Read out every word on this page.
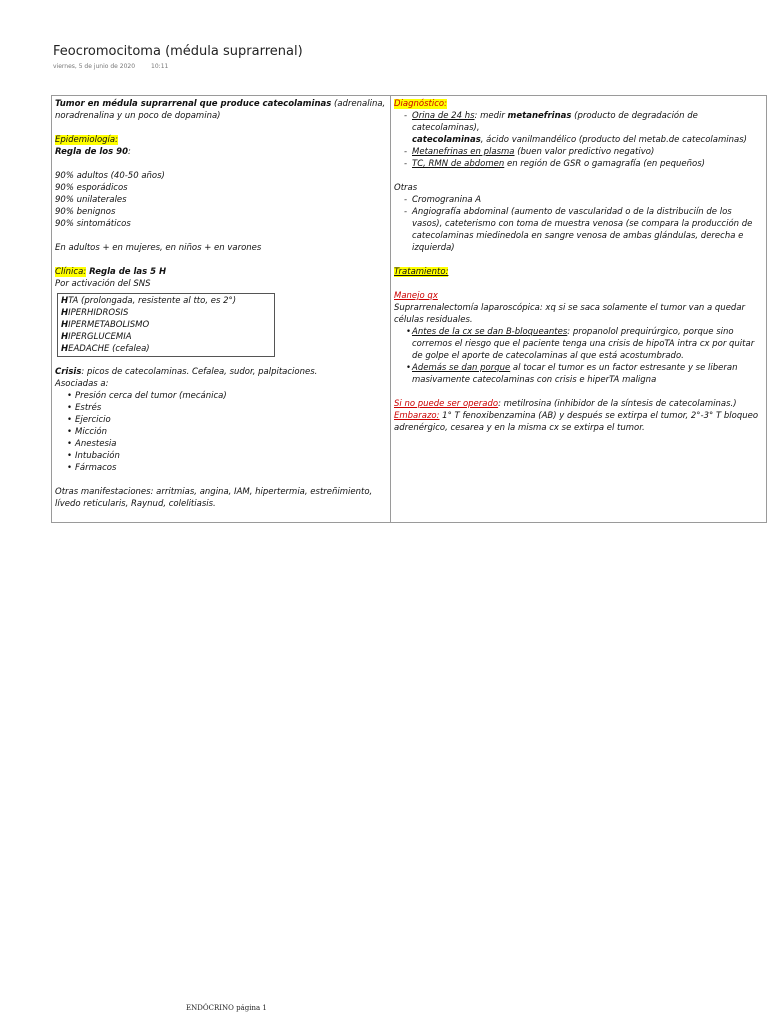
Feocromocitoma (médula suprarrenal)
viernes, 5 de junio de 2020	10:11

Tumor en médula suprarrenal que produce catecolaminas (adrenalina, noradrenalina y un poco de dopamina)

Epidemiología:

Regla de los 90:

90% adultos (40-50 años)

90% esporádicos

90% unilaterales

90% benignos

90% sintomáticos

En adultos + en mujeres, en niños + en varones

Clínica: Regla de las 5 H

Por activación del SNS

HTA (prolongada, resistente al tto, es 2°)

HIPERHIDROSIS

HIPERMETABOLISMO

HIPERGLUCEMIA

HEADACHE (cefalea)

Crisis: picos de catecolaminas. Cefalea, sudor, palpitaciones.

Asociadas a:

• Presión cerca del tumor (mecánica)
• Estrés
• Ejercicio
• Micción
• Anestesia
• Intubación
• Fármacos

Otras manifestaciones: arritmias, angina, IAM, hipertermia, estreñimiento, lívedo reticularis, Raynud, colelitiasis.

Diagnóstico:

- Orina de 24 hs: medir metanefrinas (producto de degradación de catecolaminas),
catecolaminas, ácido vanilmandélico (producto del metab.de catecolaminas)
- Metanefrinas en plasma (buen valor predictivo negativo)
- TC, RMN de abdomen en región de GSR o gamagrafía (en pequeños)

Otras

- Cromogranina A
- Angiografía abdominal (aumento de vascularidad o de la distribuciín de los vasos), cateterismo con toma de muestra venosa (se compara la producción de catecolaminas miedinedola en sangre venosa de ambas glándulas, derecha e izquierda)

Tratamiento:

Manejo qx

Suprarrenalectomía laparoscópica: xq si se saca solamente el tumor van a quedar células residuales.

• Antes de la cx se dan B-bloqueantes: propanolol prequirúrgico, porque sino corremos el riesgo que el paciente tenga una crisis de hipoTA intra cx por quitar de golpe el aporte de catecolaminas al que está acostumbrado.
• Además se dan porque al tocar el tumor es un factor estresante y se liberan masivamente catecolaminas con crisis e hiperTA maligna

Si no puede ser operado: metilrosina (inhibidor de la síntesis de catecolaminas.)

Embarazo: 1° T fenoxibenzamina (AB) y después se extirpa el tumor, 2°-3° T bloqueo adrenérgico, cesarea y en la misma cx se extirpa el tumor.

ENDÓCRINO página 1
